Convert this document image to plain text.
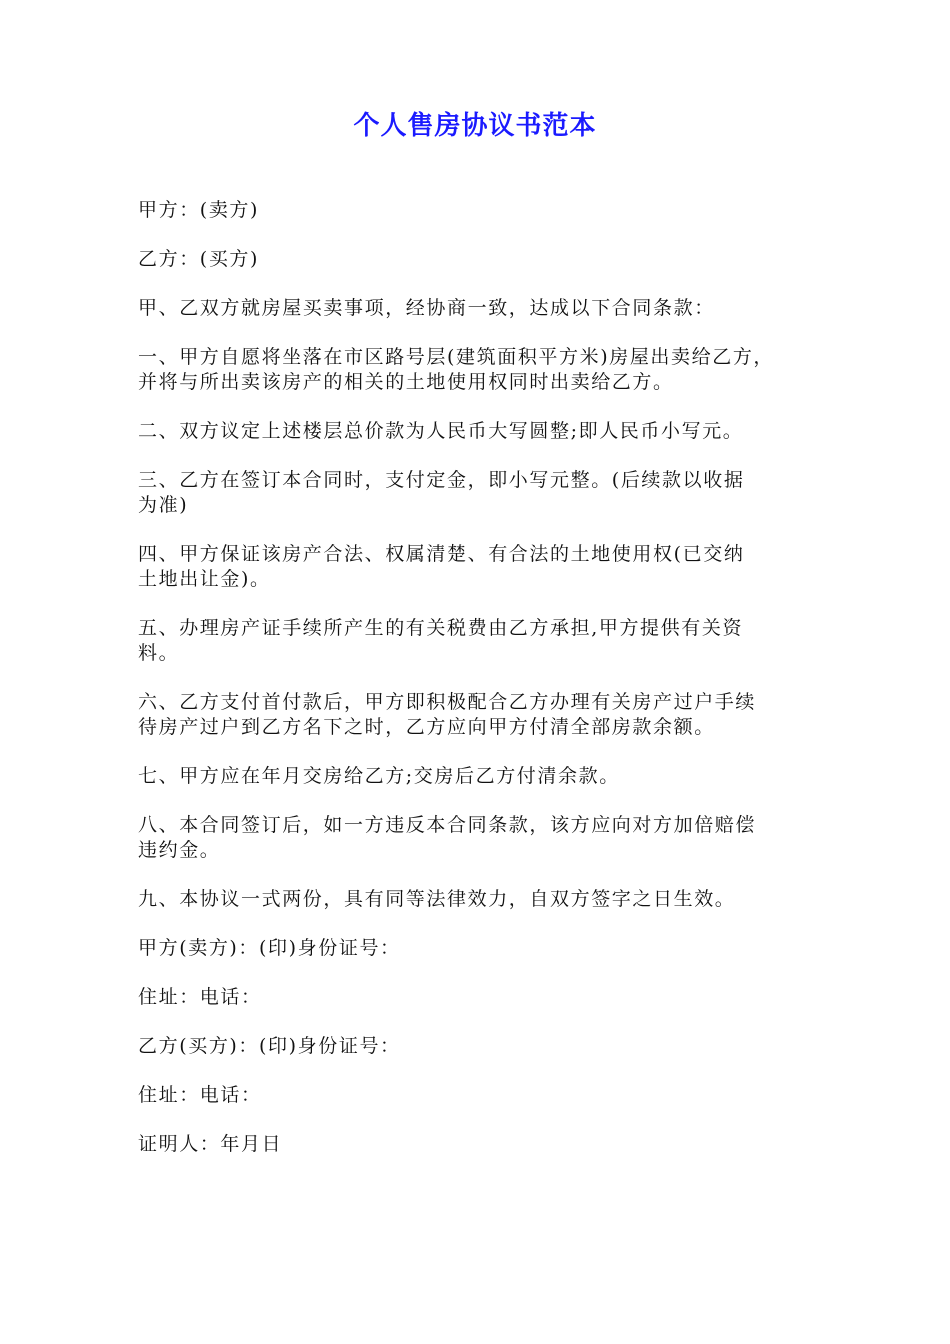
个人售房协议书范本

甲方：(卖方)

乙方：(买方)

甲、乙双方就房屋买卖事项，经协商一致，达成以下合同条款：

一、甲方自愿将坐落在市区路号层(建筑面积平方米)房屋出卖给乙方，
并将与所出卖该房产的相关的土地使用权同时出卖给乙方。

二、双方议定上述楼层总价款为人民币大写圆整;即人民币小写元。

三、乙方在签订本合同时，支付定金，即小写元整。(后续款以收据
为准)

四、甲方保证该房产合法、权属清楚、有合法的土地使用权(已交纳
土地出让金)。

五、办理房产证手续所产生的有关税费由乙方承担,甲方提供有关资
料。

六、乙方支付首付款后，甲方即积极配合乙方办理有关房产过户手续
待房产过户到乙方名下之时，乙方应向甲方付清全部房款余额。

七、甲方应在年月交房给乙方;交房后乙方付清余款。

八、本合同签订后，如一方违反本合同条款，该方应向对方加倍赔偿
违约金。

九、本协议一式两份，具有同等法律效力，自双方签字之日生效。

甲方(卖方)：(印)身份证号：

住址：电话：

乙方(买方)：(印)身份证号：

住址：电话：

证明人：年月日
